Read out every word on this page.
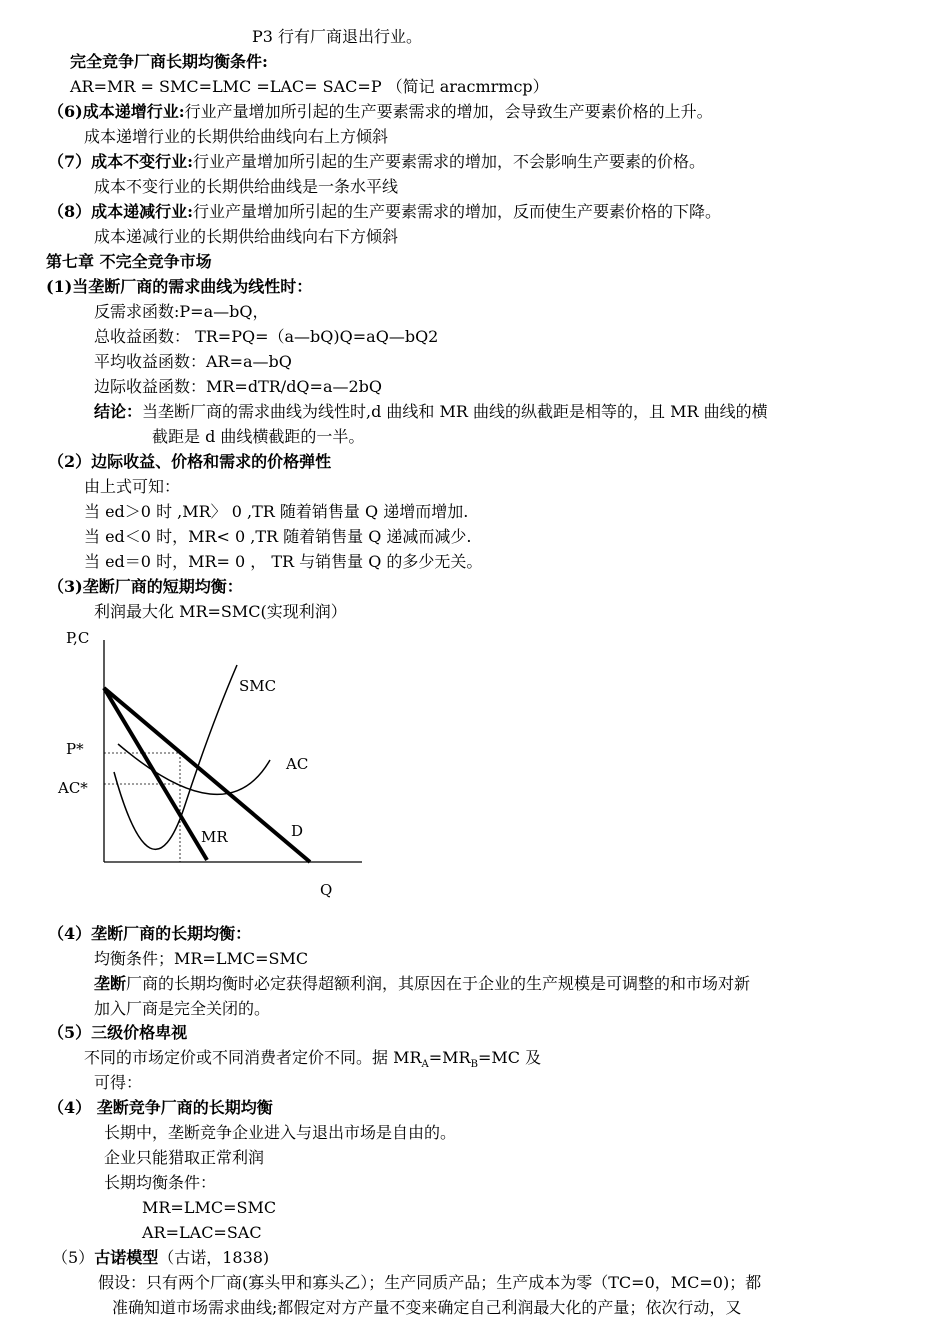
P3 行有厂商退出行业。
完全竞争厂商长期均衡条件:
AR=MR = SMC=LMC =LAC= SAC=P （简记 aracmrmcp）
（6)成本递增行业:行业产量增加所引起的生产要素需求的增加，会导致生产要素价格的上升。
成本递增行业的长期供给曲线向右上方倾斜
（7）成本不变行业:行业产量增加所引起的生产要素需求的增加，不会影响生产要素的价格。
成本不变行业的长期供给曲线是一条水平线
（8）成本递减行业:行业产量增加所引起的生产要素需求的增加，反而使生产要素价格的下降。
成本递减行业的长期供给曲线向右下方倾斜
第七章 不完全竞争市场
(1)当垄断厂商的需求曲线为线性时：
反需求函数:P=a—bQ，
总收益函数： TR=PQ=（a—bQ)Q=aQ—bQ2
平均收益函数：AR=a—bQ
边际收益函数：MR=dTR/dQ=a—2bQ
结论：当垄断厂商的需求曲线为线性时,d 曲线和 MR 曲线的纵截距是相等的，且 MR 曲线的横
截距是 d 曲线横截距的一半。
（2）边际收益、价格和需求的价格弹性
由上式可知：
当 ed＞0 时 ,MR〉 0 ,TR 随着销售量 Q 递增而增加.
当 ed＜0 时，MR< 0 ,TR 随着销售量 Q 递减而减少.
当 ed＝0 时，MR= 0 ， TR 与销售量 Q 的多少无关。
（3)垄断厂商的短期均衡：
利润最大化 MR=SMC(实现利润）
P,C
Q
P*
AC*
SMC
AC
D
MR
（4）垄断厂商的长期均衡：
均衡条件；MR=LMC=SMC
垄断厂商的长期均衡时必定获得超额利润，其原因在于企业的生产规模是可调整的和市场对新
加入厂商是完全关闭的。
（5）三级价格卑视
不同的市场定价或不同消费者定价不同。据 $MR_A=MR_B=MC$ 及
可得：
（4） 垄断竞争厂商的长期均衡
长期中，垄断竞争企业进入与退出市场是自由的。
企业只能猎取正常利润
长期均衡条件：
MR=LMC=SMC
AR=LAC=SAC
（5）古诺模型（古诺，1838)
假设：只有两个厂商(寡头甲和寡头乙）；生产同质产品；生产成本为零（TC=0，MC=0)；都
准确知道市场需求曲线;都假定对方产量不变来确定自己利润最大化的产量；依次行动，又
